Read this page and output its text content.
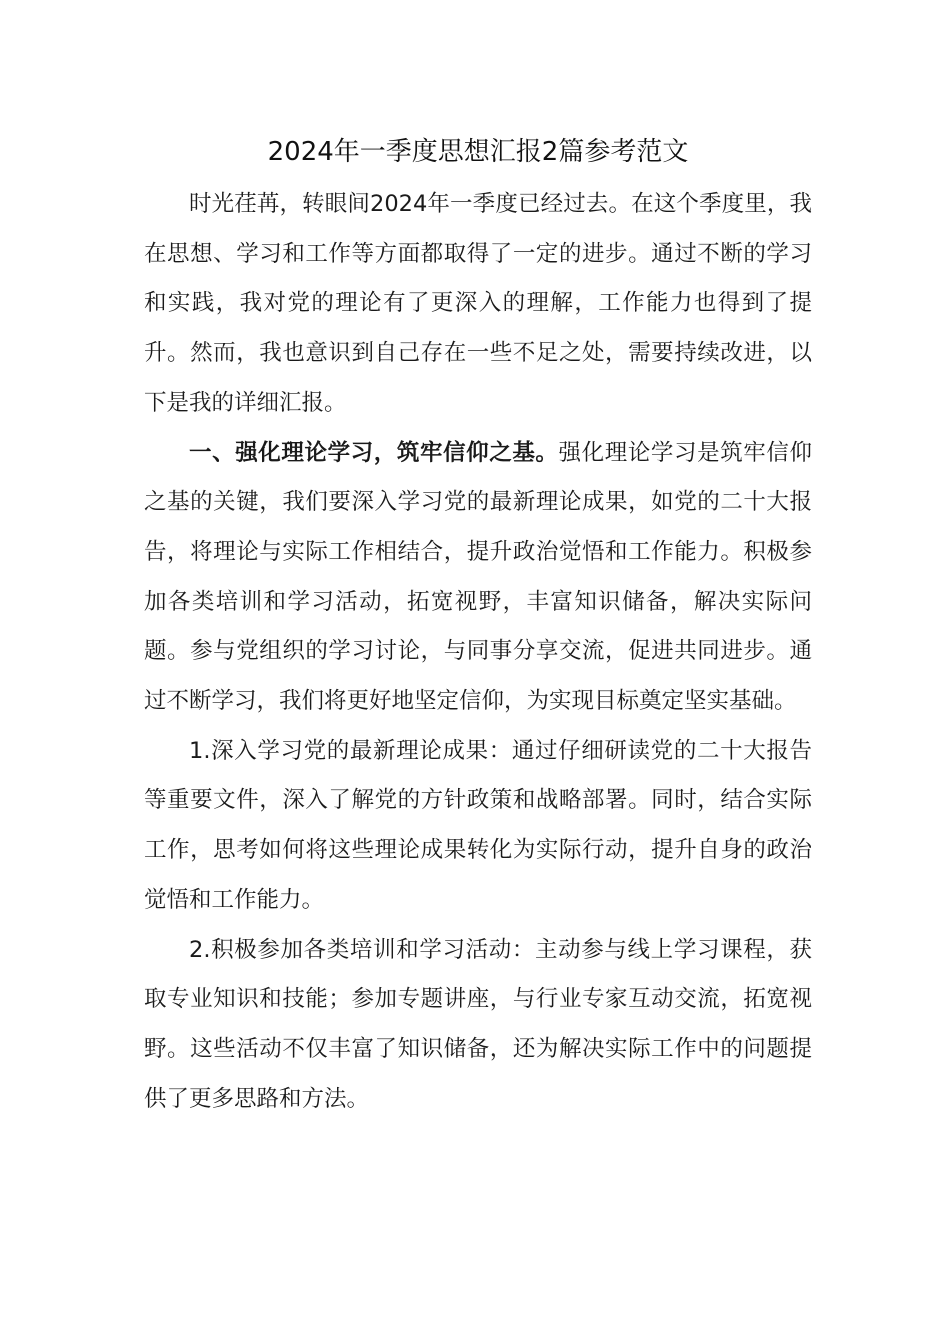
2024年一季度思想汇报2篇参考范文

时光荏苒，转眼间2024年一季度已经过去。在这个季度里，我在思想、学习和工作等方面都取得了一定的进步。通过不断的学习和实践，我对党的理论有了更深入的理解，工作能力也得到了提升。然而，我也意识到自己存在一些不足之处，需要持续改进，以下是我的详细汇报。

一、强化理论学习，筑牢信仰之基。强化理论学习是筑牢信仰之基的关键，我们要深入学习党的最新理论成果，如党的二十大报告，将理论与实际工作相结合，提升政治觉悟和工作能力。积极参加各类培训和学习活动，拓宽视野，丰富知识储备，解决实际问题。参与党组织的学习讨论，与同事分享交流，促进共同进步。通过不断学习，我们将更好地坚定信仰，为实现目标奠定坚实基础。

1.深入学习党的最新理论成果：通过仔细研读党的二十大报告等重要文件，深入了解党的方针政策和战略部署。同时，结合实际工作，思考如何将这些理论成果转化为实际行动，提升自身的政治觉悟和工作能力。

2.积极参加各类培训和学习活动：主动参与线上学习课程，获取专业知识和技能；参加专题讲座，与行业专家互动交流，拓宽视野。这些活动不仅丰富了知识储备，还为解决实际工作中的问题提供了更多思路和方法。
